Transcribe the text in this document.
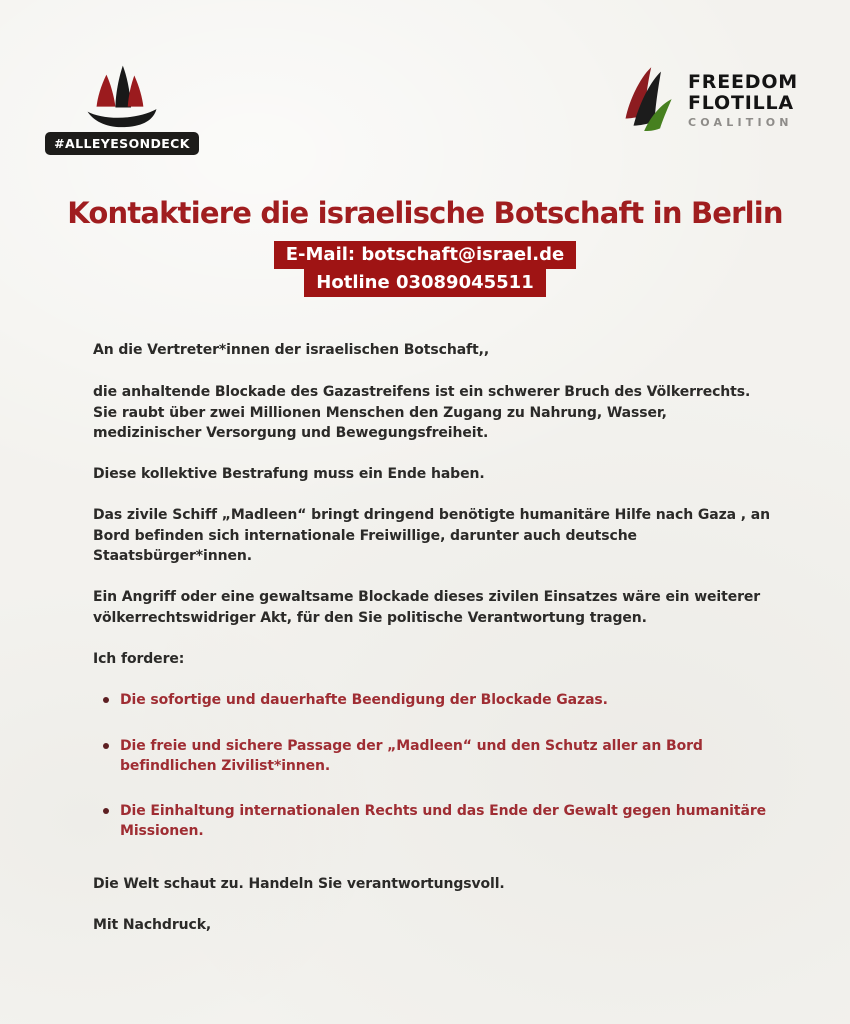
#ALLEYESONDECK
FREEDOM
FLOTILLA
COALITION
Kontaktiere die israelische Botschaft in Berlin
E-Mail: botschaft@israel.de
Hotline 03089045511

An die Vertreter*innen der israelischen Botschaft,,

die anhaltende Blockade des Gazastreifens ist ein schwerer Bruch des Völkerrechts. Sie raubt über zwei Millionen Menschen den Zugang zu Nahrung, Wasser, medizinischer Versorgung und Bewegungsfreiheit.

Diese kollektive Bestrafung muss ein Ende haben.

Das zivile Schiff „Madleen“ bringt dringend benötigte humanitäre Hilfe nach Gaza , an Bord befinden sich internationale Freiwillige, darunter auch deutsche Staatsbürger*innen.

Ein Angriff oder eine gewaltsame Blockade dieses zivilen Einsatzes wäre ein weiterer völkerrechtswidriger Akt, für den Sie politische Verantwortung tragen.

Ich fordere:

Die sofortige und dauerhafte Beendigung der Blockade Gazas.
Die freie und sichere Passage der „Madleen“ und den Schutz aller an Bord befindlichen Zivilist*innen.
Die Einhaltung internationalen Rechts und das Ende der Gewalt gegen humanitäre Missionen.

Die Welt schaut zu. Handeln Sie verantwortungsvoll.

Mit Nachdruck,
